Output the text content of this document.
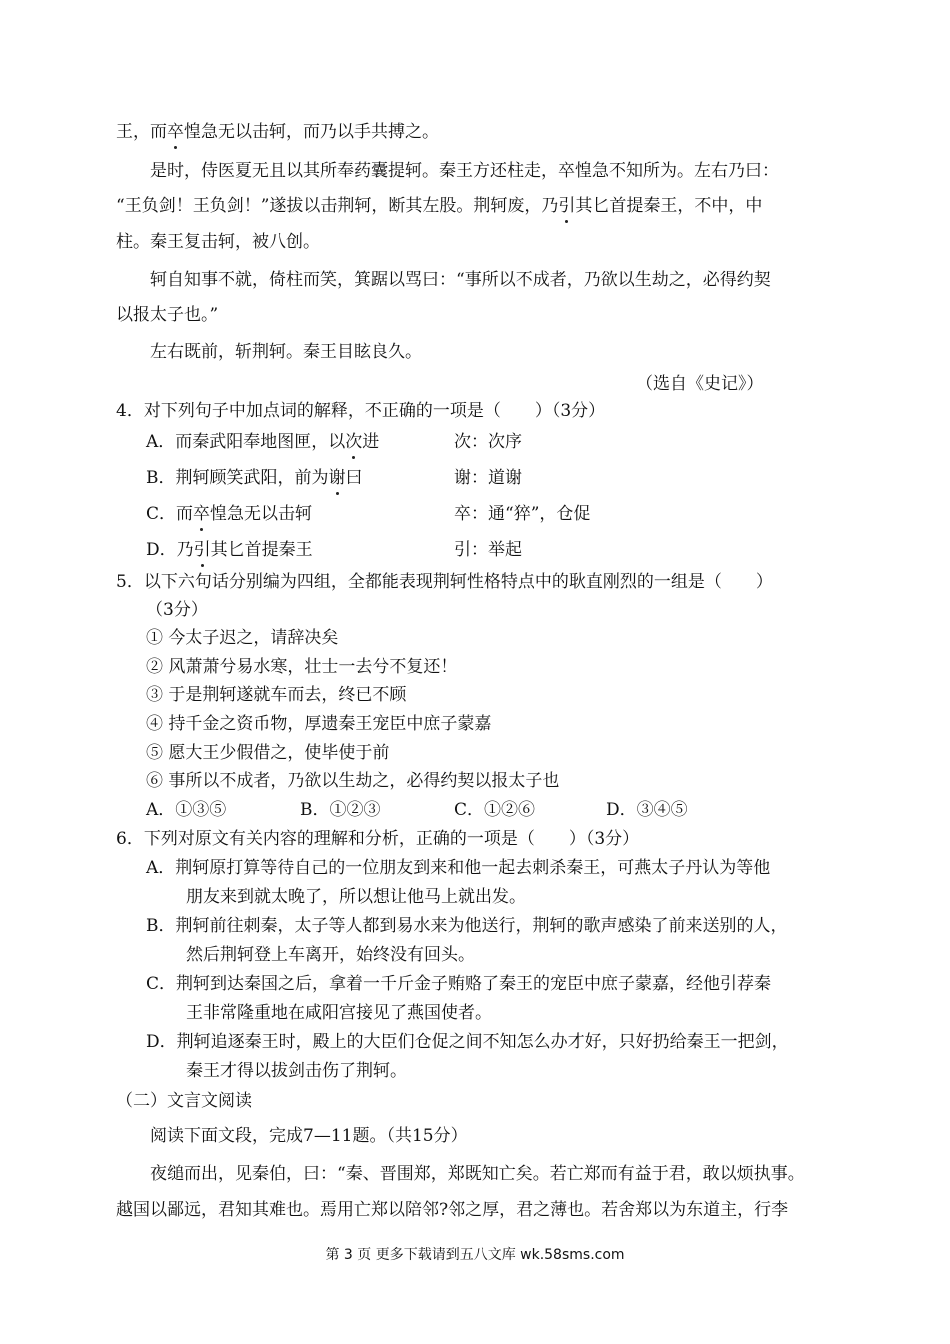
王，而卒惶急无以击轲，而乃以手共搏之。
是时，侍医夏无且以其所奉药囊提轲。秦王方还柱走，卒惶急不知所为。左右乃曰：
“王负剑！王负剑！”遂拔以击荆轲，断其左股。荆轲废，乃引其匕首提秦王，不中，中
柱。秦王复击轲，被八创。
轲自知事不就，倚柱而笑，箕踞以骂曰：“事所以不成者，乃欲以生劫之，必得约契
以报太子也。”
左右既前，斩荆轲。秦王目眩良久。
（选自《史记》）
4．对下列句子中加点词的解释，不正确的一项是（　　）（3分）
A．而秦武阳奉地图匣，以次进	次：次序
B．荆轲顾笑武阳，前为谢曰	谢：道谢
C．而卒惶急无以击轲	卒：通“猝”，仓促
D．乃引其匕首提秦王	引：举起
5．以下六句话分别编为四组，全都能表现荆轲性格特点中的耿直刚烈的一组是（　　）
（3分）
① 今太子迟之，请辞决矣
② 风萧萧兮易水寒，壮士一去兮不复还！
③ 于是荆轲遂就车而去，终已不顾
④ 持千金之资币物，厚遗秦王宠臣中庶子蒙嘉
⑤ 愿大王少假借之，使毕使于前
⑥ 事所以不成者，乃欲以生劫之，必得约契以报太子也
A．①③⑤	B．①②③	C．①②⑥	D．③④⑤
6．下列对原文有关内容的理解和分析，正确的一项是（　　）（3分）
A．荆轲原打算等待自己的一位朋友到来和他一起去刺杀秦王，可燕太子丹认为等他
朋友来到就太晚了，所以想让他马上就出发。
B．荆轲前往刺秦，太子等人都到易水来为他送行，荆轲的歌声感染了前来送别的人，
然后荆轲登上车离开，始终没有回头。
C．荆轲到达秦国之后，拿着一千斤金子贿赂了秦王的宠臣中庶子蒙嘉，经他引荐秦
王非常隆重地在咸阳宫接见了燕国使者。
D．荆轲追逐秦王时，殿上的大臣们仓促之间不知怎么办才好，只好扔给秦王一把剑，
秦王才得以拔剑击伤了荆轲。
（二）文言文阅读
阅读下面文段，完成7—11题。（共15分）
夜缒而出，见秦伯，曰：“秦、晋围郑，郑既知亡矣。若亡郑而有益于君，敢以烦执事。
越国以鄙远，君知其难也。焉用亡郑以陪邻?邻之厚，君之薄也。若舍郑以为东道主，行李
第 3 页 更多下载请到五八文库 wk.58sms.com
